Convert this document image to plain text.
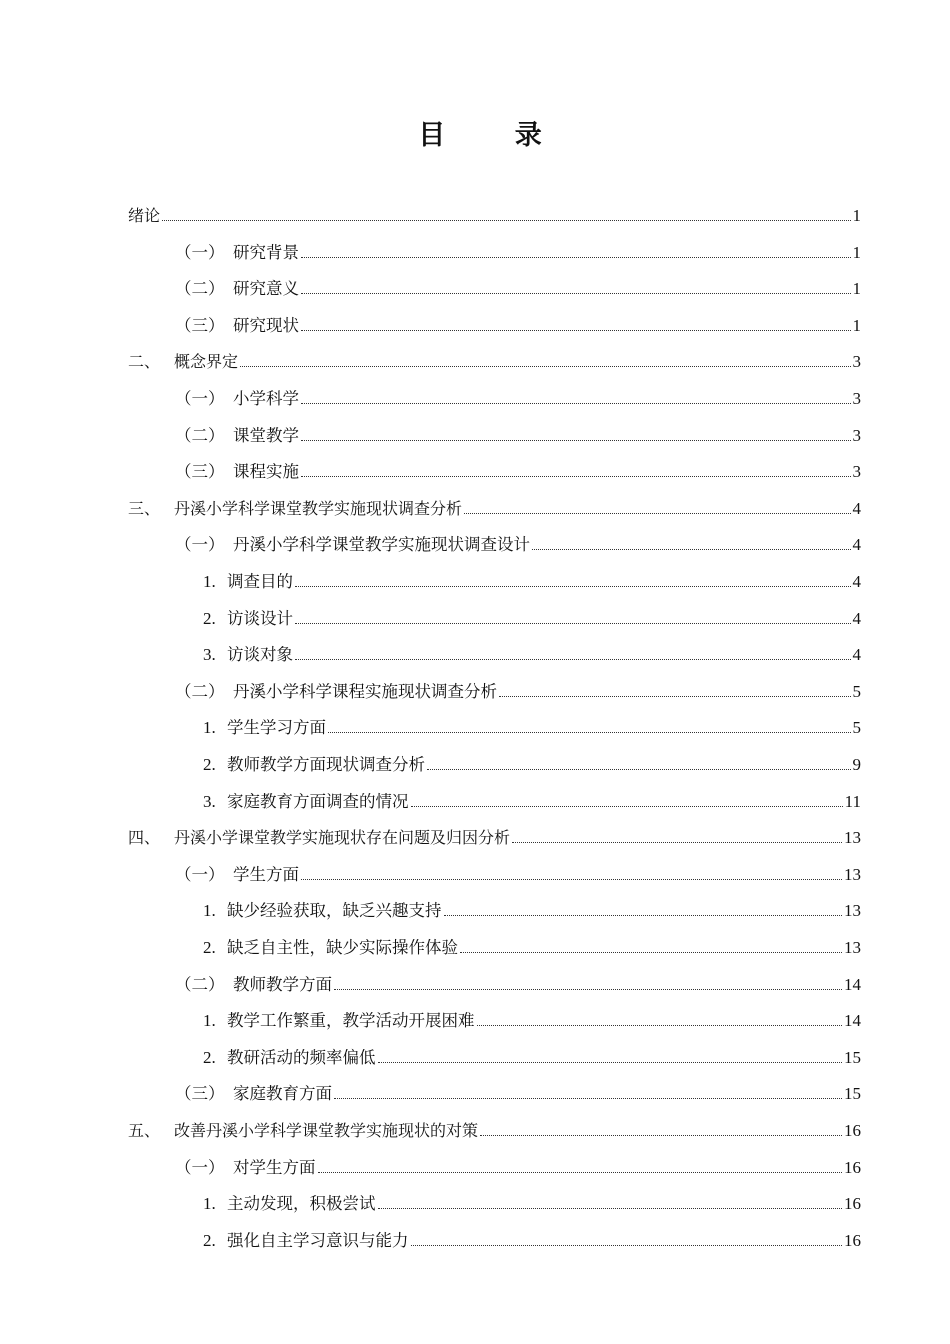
目 录
绪论	1
（一） 研究背景	1
（二） 研究意义	1
（三） 研究现状	1
二、 概念界定	3
（一） 小学科学	3
（二） 课堂教学	3
（三） 课程实施	3
三、 丹溪小学科学课堂教学实施现状调查分析	4
（一） 丹溪小学科学课堂教学实施现状调查设计	4
1. 调查目的	4
2. 访谈设计	4
3. 访谈对象	4
（二） 丹溪小学科学课程实施现状调查分析	5
1. 学生学习方面	5
2. 教师教学方面现状调查分析	9
3. 家庭教育方面调查的情况	11
四、 丹溪小学课堂教学实施现状存在问题及归因分析	13
（一） 学生方面	13
1. 缺少经验获取，缺乏兴趣支持	13
2. 缺乏自主性，缺少实际操作体验	13
（二） 教师教学方面	14
1. 教学工作繁重，教学活动开展困难	14
2. 教研活动的频率偏低	15
（三） 家庭教育方面	15
五、 改善丹溪小学科学课堂教学实施现状的对策	16
（一） 对学生方面	16
1. 主动发现，积极尝试	16
2. 强化自主学习意识与能力	16
